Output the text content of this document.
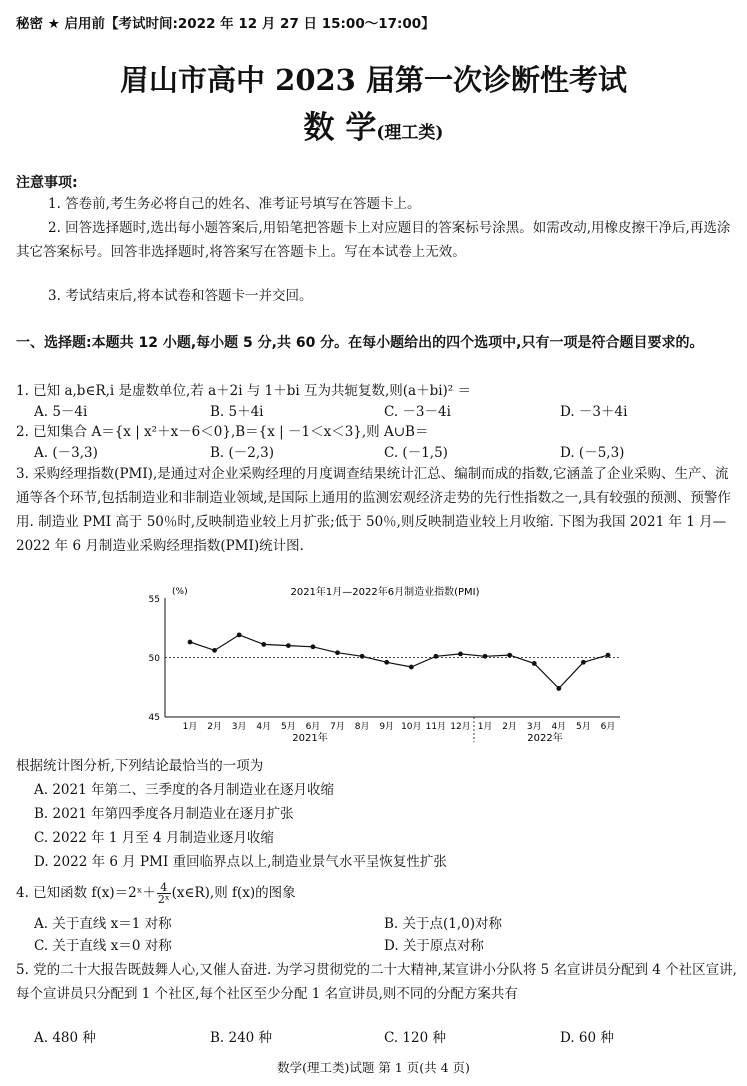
秘密 ★ 启用前【考试时间:2022 年 12 月 27 日 15:00～17:00】
眉山市高中 2023 届第一次诊断性考试
数 学(理工类)
注意事项:
1. 答卷前,考生务必将自己的姓名、准考证号填写在答题卡上。
2. 回答选择题时,选出每小题答案后,用铅笔把答题卡上对应题目的答案标号涂黑。如需改动,用橡皮擦干净后,再选涂其它答案标号。回答非选择题时,将答案写在答题卡上。写在本试卷上无效。
3. 考试结束后,将本试卷和答题卡一并交回。
一、选择题:本题共 12 小题,每小题 5 分,共 60 分。在每小题给出的四个选项中,只有一项是符合题目要求的。
1. 已知 a,b∈R,i 是虚数单位,若 a＋2i 与 1＋bi 互为共轭复数,则(a＋bi)² ＝
A. 5－4i	B. 5＋4i	C. －3－4i	D. －3＋4i
2. 已知集合 A＝{x | x²＋x－6＜0},B＝{x | －1＜x＜3},则 A∪B＝
A. (－3,3)	B. (－2,3)	C. (－1,5)	D. (－5,3)
3. 采购经理指数(PMI),是通过对企业采购经理的月度调查结果统计汇总、编制而成的指数,它涵盖了企业采购、生产、流通等各个环节,包括制造业和非制造业领域,是国际上通用的监测宏观经济走势的先行性指数之一,具有较强的预测、预警作用. 制造业 PMI 高于 50％时,反映制造业较上月扩张;低于 50％,则反映制造业较上月收缩. 下图为我国 2021 年 1 月—2022 年 6 月制造业采购经理指数(PMI)统计图.
2021年1月—2022年6月制造业指数(PMI)
(%)
55
50
45
1月 2月 3月 4月 5月 6月 7月 8月 9月 10月 11月 12月 1月 2月 3月 4月 5月 6月
2021年	2022年
根据统计图分析,下列结论最恰当的一项为
A. 2021 年第二、三季度的各月制造业在逐月收缩
B. 2021 年第四季度各月制造业在逐月扩张
C. 2022 年 1 月至 4 月制造业逐月收缩
D. 2022 年 6 月 PMI 重回临界点以上,制造业景气水平呈恢复性扩张
4. 已知函数 f(x)＝2ˣ＋ $\frac{4}{\text{2ˣ}}$ (x∈R),则 f(x)的图象
A. 关于直线 x＝1 对称	B. 关于点(1,0)对称
C. 关于直线 x＝0 对称	D. 关于原点对称
5. 党的二十大报告既鼓舞人心,又催人奋进. 为学习贯彻党的二十大精神,某宣讲小分队将 5 名宣讲员分配到 4 个社区宣讲,每个宣讲员只分配到 1 个社区,每个社区至少分配 1 名宣讲员,则不同的分配方案共有
A. 480 种	B. 240 种	C. 120 种	D. 60 种
数学(理工类)试题 第 1 页(共 4 页)
